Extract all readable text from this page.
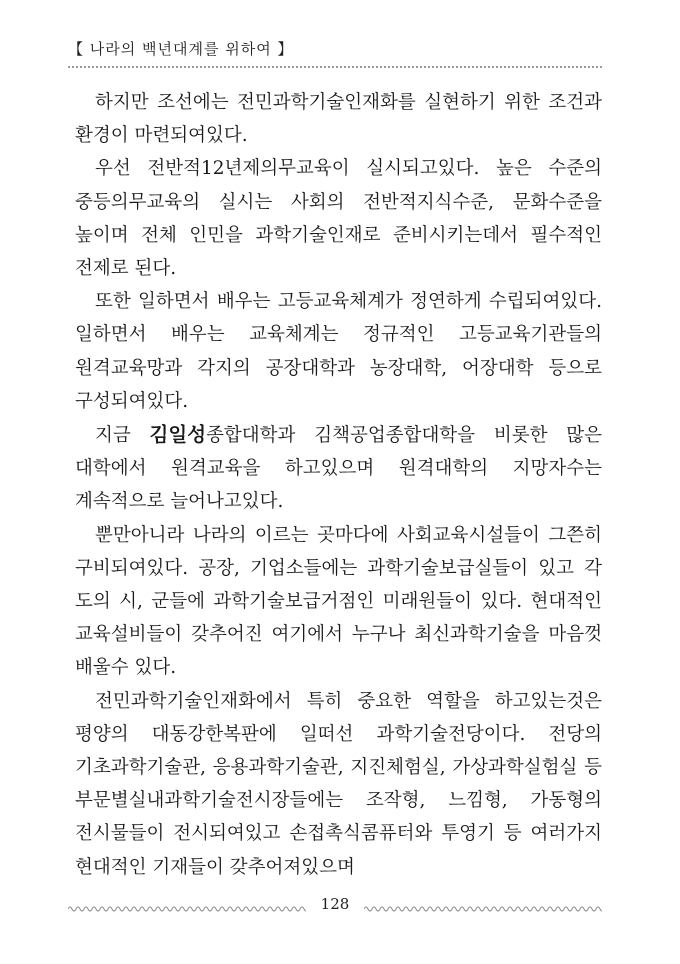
【 나라의 백년대계를 위하여 】

하지만 조선에는 전민과학기술인재화를 실현하기 위한 조건과 환경이 마련되여있다.

우선 전반적12년제의무교육이 실시되고있다. 높은 수준의 중등의무교육의 실시는 사회의 전반적지식수준, 문화수준을 높이며 전체 인민을 과학기술인재로 준비시키는데서 필수적인 전제로 된다.

또한 일하면서 배우는 고등교육체계가 정연하게 수립되여있다. 일하면서 배우는 교육체계는 정규적인 고등교육기관들의 원격교육망과 각지의 공장대학과 농장대학, 어장대학 등으로 구성되여있다.

지금 김일성종합대학과 김책공업종합대학을 비롯한 많은 대학에서 원격교육을 하고있으며 원격대학의 지망자수는 계속적으로 늘어나고있다.

뿐만아니라 나라의 이르는 곳마다에 사회교육시설들이 그쯘히 구비되여있다. 공장, 기업소들에는 과학기술보급실들이 있고 각 도의 시, 군들에 과학기술보급거점인 미래원들이 있다. 현대적인 교육설비들이 갖추어진 여기에서 누구나 최신과학기술을 마음껏 배울수 있다.

전민과학기술인재화에서 특히 중요한 역할을 하고있는것은 평양의 대동강한복판에 일떠선 과학기술전당이다. 전당의 기초과학기술관, 응용과학기술관, 지진체험실, 가상과학실험실 등 부문별실내과학기술전시장들에는 조작형, 느낌형, 가동형의 전시물들이 전시되여있고 손접촉식콤퓨터와 투영기 등 여러가지 현대적인 기재들이 갖추어져있으며

128
